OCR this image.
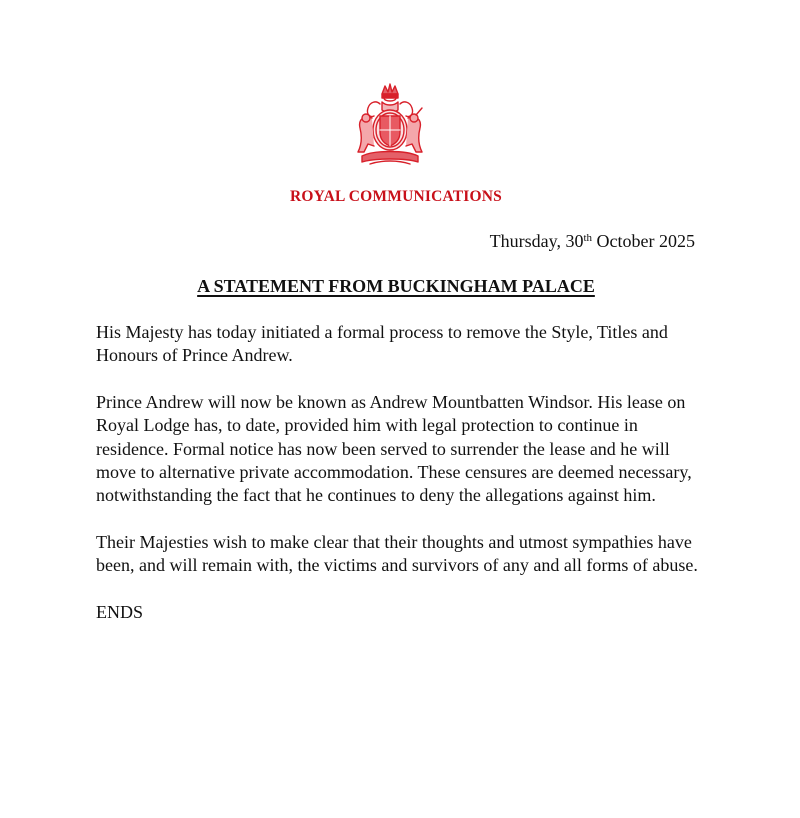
ROYAL COMMUNICATIONS
Thursday, 30th October 2025
A STATEMENT FROM BUCKINGHAM PALACE

His Majesty has today initiated a formal process to remove the Style, Titles and Honours of Prince Andrew.

Prince Andrew will now be known as Andrew Mountbatten Windsor. His lease on Royal Lodge has, to date, provided him with legal protection to continue in residence. Formal notice has now been served to surrender the lease and he will move to alternative private accommodation. These censures are deemed necessary, notwithstanding the fact that he continues to deny the allegations against him.

Their Majesties wish to make clear that their thoughts and utmost sympathies have been, and will remain with, the victims and survivors of any and all forms of abuse.

ENDS
